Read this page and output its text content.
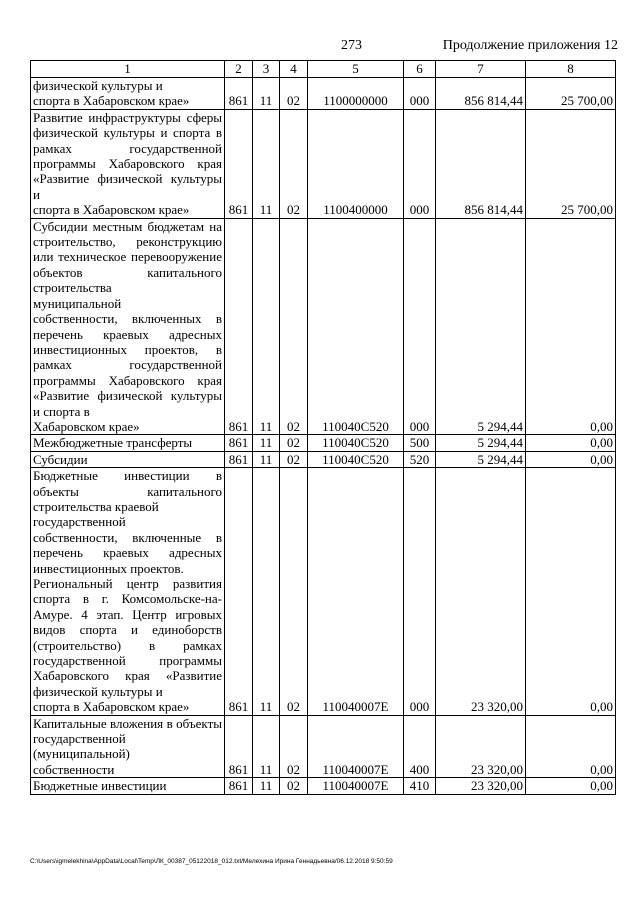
273	Продолжение приложения 12
1	2	3	4	5	6	7	8
физической культуры и
спорта в Хабаровском крае»	861	11	02	1100000000	000	856 814,44	25 700,00
Развитие инфраструктуры сферы физической культуры и спорта в рамках государственной программы Хабаровского края «Развитие физической культуры и
спорта в Хабаровском крае»	861	11	02	1100400000	000	856 814,44	25 700,00
Субсидии местным бюджетам на строительство, реконструкцию или техническое перевооружение объектов капитального строительства
муниципальной
собственности, включенных в перечень краевых адресных инвестиционных проектов, в рамках государственной программы Хабаровского края «Развитие физической культуры и спорта в
Хабаровском крае»	861	11	02	110040С520	000	5 294,44	0,00
Межбюджетные трансферты	861	11	02	110040С520	500	5 294,44	0,00
Субсидии	861	11	02	110040С520	520	5 294,44	0,00
Бюджетные инвестиции в объекты капитального строительства краевой
государственной
собственности, включенные в перечень краевых адресных инвестиционных проектов.
Региональный центр развития спорта в г. Комсомольске-на-Амуре. 4 этап. Центр игровых видов спорта и единоборств (строительство) в рамках государственной программы Хабаровского края «Развитие физической культуры и
спорта в Хабаровском крае»	861	11	02	110040007Е	000	23 320,00	0,00
Капитальные вложения в объекты государственной
(муниципальной)
собственности	861	11	02	110040007Е	400	23 320,00	0,00
Бюджетные инвестиции	861	11	02	110040007Е	410	23 320,00	0,00
C:\Users\igmelekhina\AppData\Local\Temp\ЛК_00387_05122018_012.txt/Мелехина Ирина Геннадьевна/06.12.2018 9:50:59
